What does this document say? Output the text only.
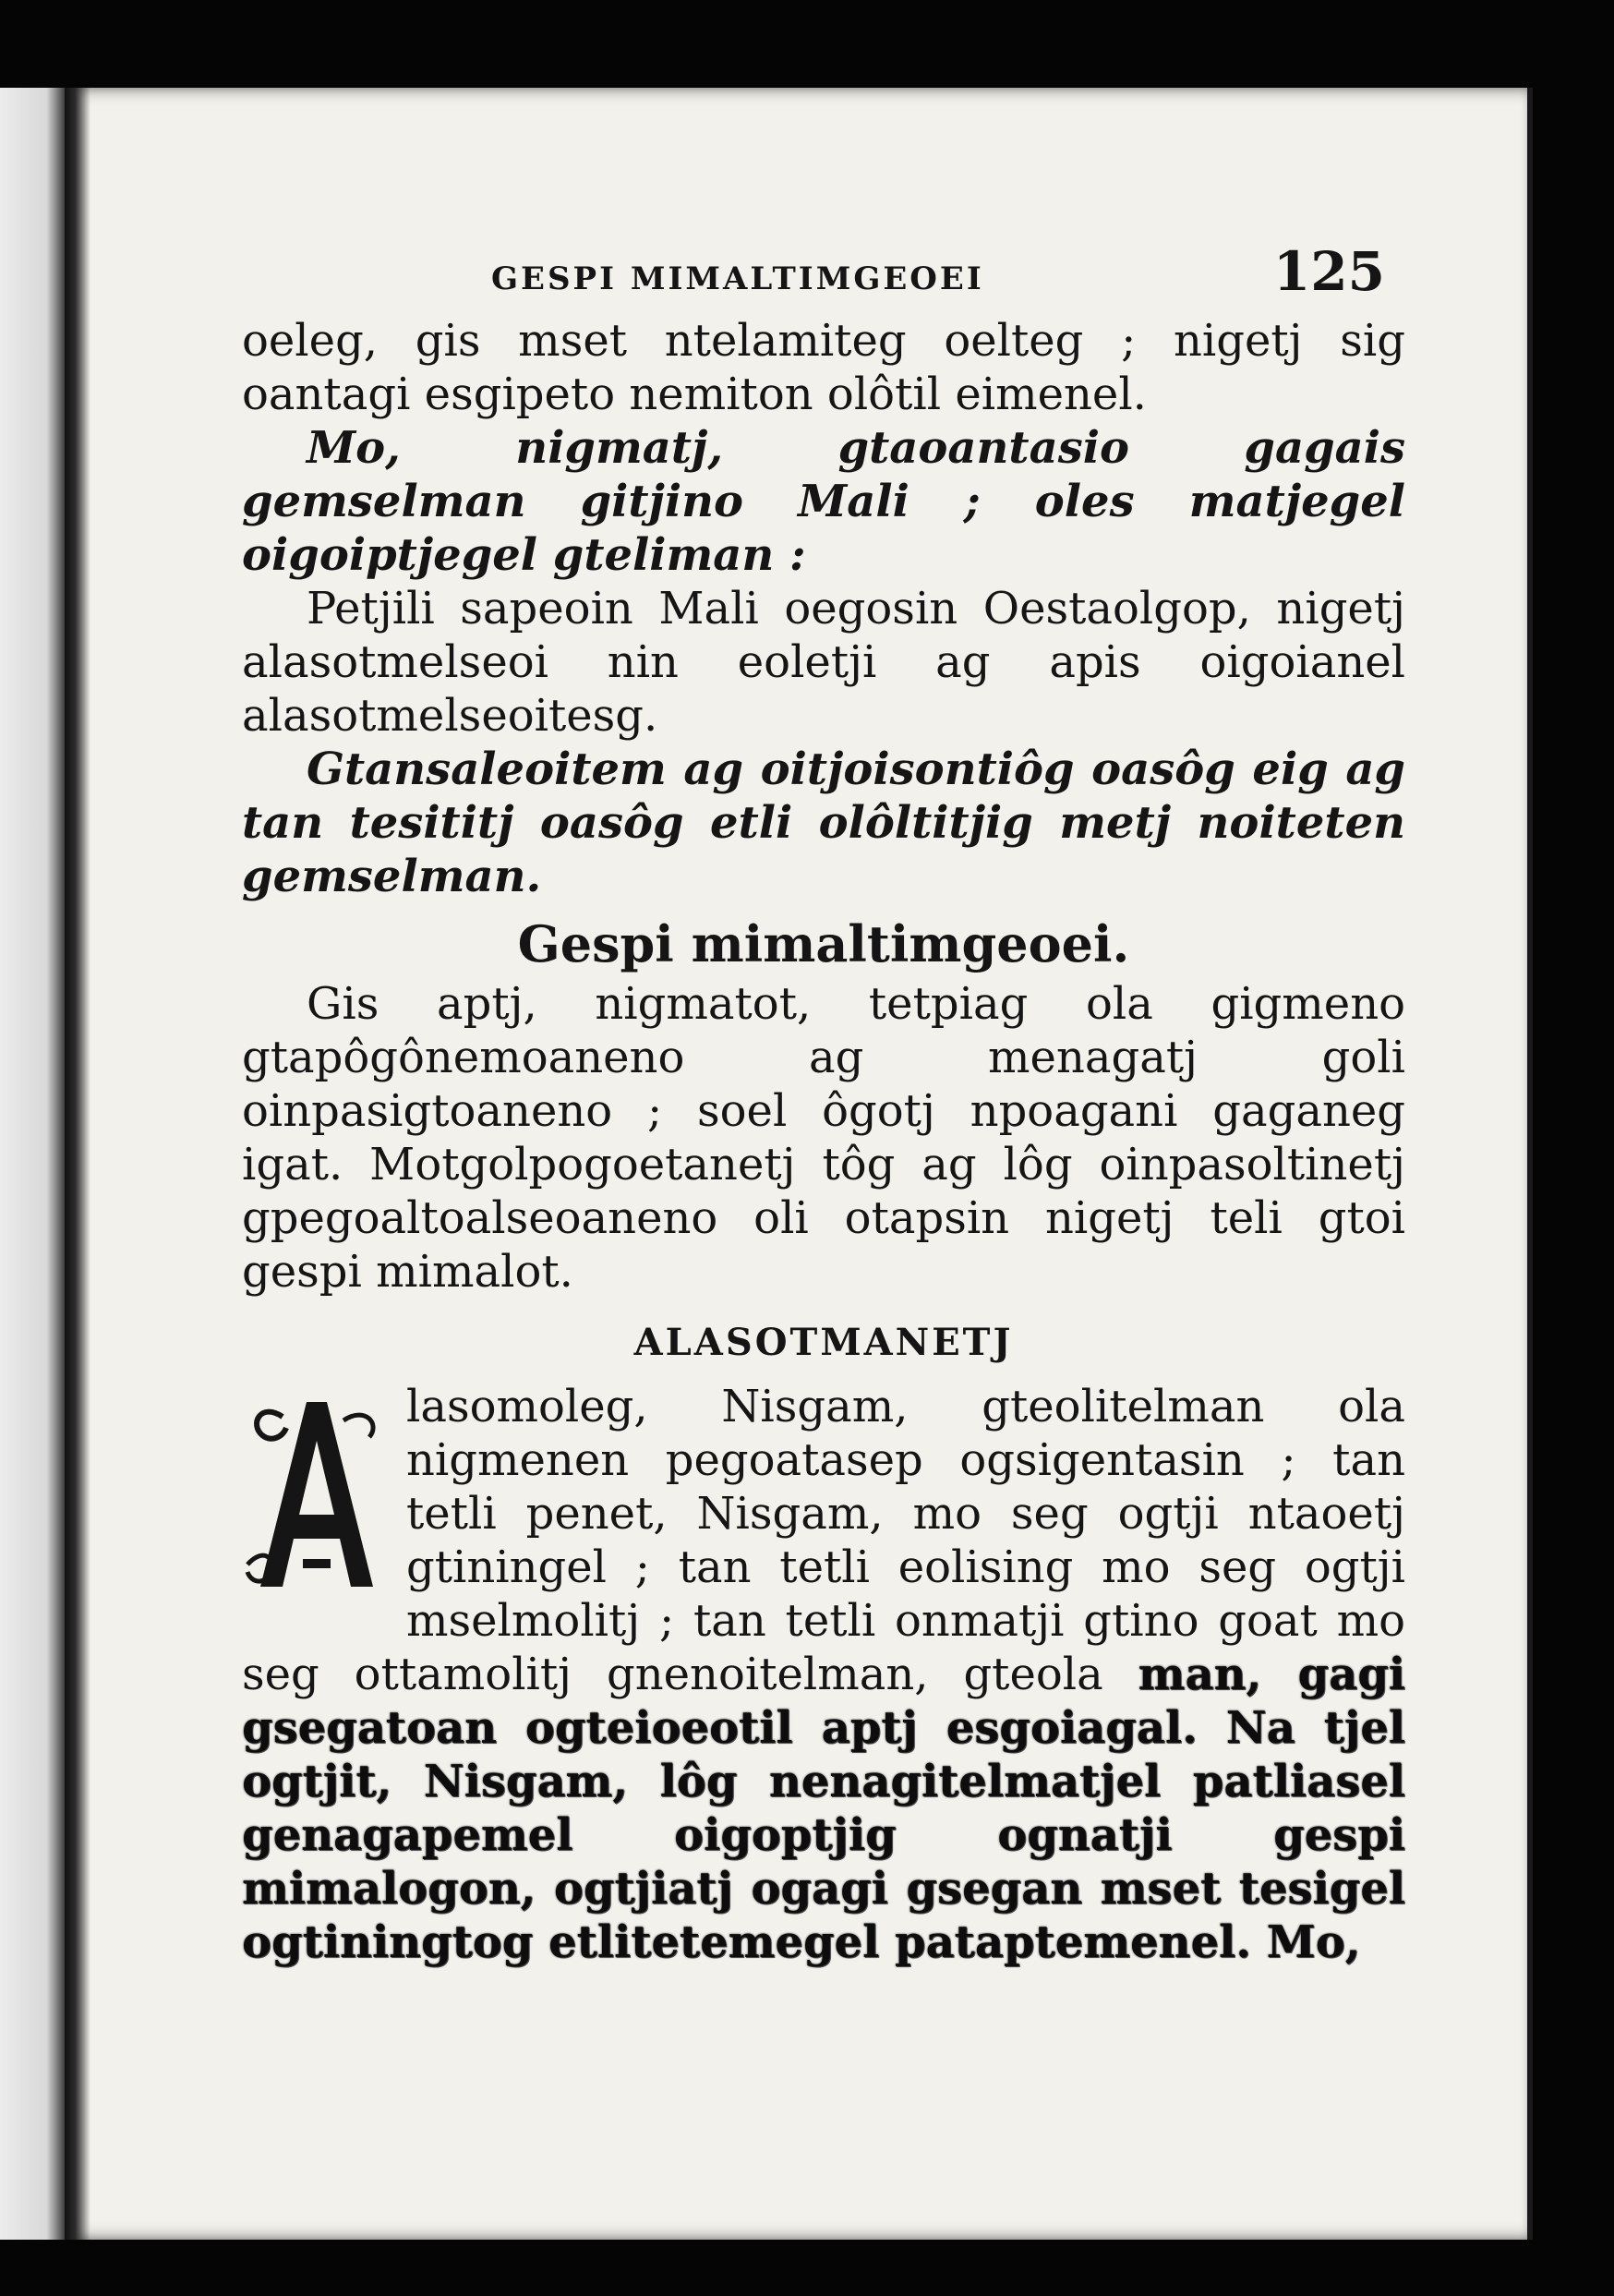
GESPI MIMALTIMGEOEI	125

oeleg, gis mset ntelamiteg oelteg ; nigetj sig oantagi esgipeto nemiton olôtil eimenel.

Mo, nigmatj, gtaoantasio gagais gemselman gitjino Mali ; oles matjegel oigoiptjegel gteliman :

Petjili sapeoin Mali oegosin Oestaolgop, nigetj alasotmelseoi nin eoletji ag apis oigoianel alasotmelseoitesg.

Gtansaleoitem ag oitjoisontiôg oasôg eig ag tan tesititj oasôg etli olôltitjig metj noiteten gemselman.

Gespi mimaltimgeoei.

Gis aptj, nigmatot, tetpiag ola gigmeno gtapôgônemoaneno ag menagatj goli oinpasigtoaneno ; soel ôgotj npoagani gaganeg igat. Motgolpogoetanetj tôg ag lôg oinpasoltinetj gpegoaltoalseoaneno oli otapsin nigetj teli gtoi gespi mimalot.

ALASOTMANETJ

lasomoleg, Nisgam, gteolitelman ola nigmenen pegoatasep ogsigentasin ; tan tetli penet, Nisgam, mo seg ogtji ntaoetj gtiningel ; tan tetli eolising mo seg ogtji mselmolitj ; tan tetli onmatji gtino goat mo seg ottamolitj gnenoitelman, gteola man, gagi gsegatoan ogteioeotil aptj esgoiagal. Na tjel ogtjit, Nisgam, lôg nenagitelmatjel patliasel genagapemel oigoptjig ognatji gespi mimalogon, ogtjiatj ogagi gsegan mset tesigel ogtiningtog etlitetemegel pataptemenel. Mo,
